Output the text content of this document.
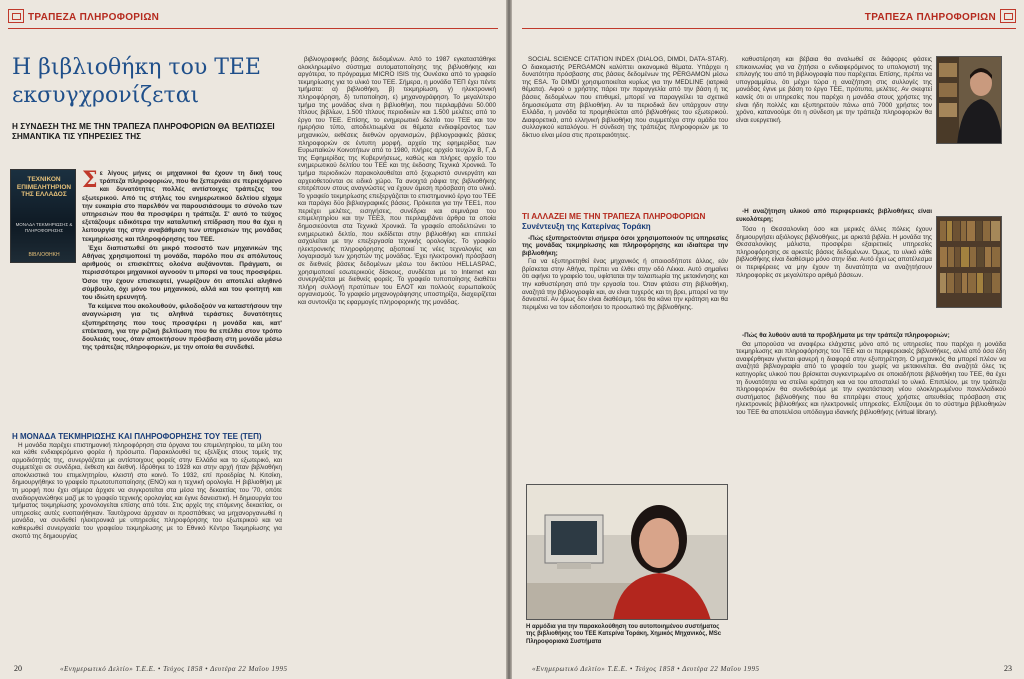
ΤΡΑΠΕΖΑ ΠΛΗΡΟΦΟΡΙΩΝ
Η βιβλιοθήκη του ΤΕΕ εκσυγχρονίζεται
Η ΣΥΝΔΕΣΗ ΤΗΣ ΜΕ ΤΗΝ ΤΡΑΠΕΖΑ ΠΛΗΡΟΦΟΡΙΩΝ ΘΑ ΒΕΛΤΙΩΣΕΙ ΣΗΜΑΝΤΙΚΑ ΤΙΣ ΥΠΗΡΕΣΙΕΣ ΤΗΣ
ΤΕΧΝΙΚΟΝ ΕΠΙΜΕΛΗΤΗΡΙΟΝ ΤΗΣ ΕΛΛΑΔΟΣ
ΜΟΝΑΔΑ ΤΕΚΜΗΡΙΩΣΗΣ & ΠΛΗΡΟΦΟΡΗΣΗΣ
ΒΙΒΛΙΟΘΗΚΗ
Σε λίγους μήνες οι μηχανικοί θα έχουν τη δική τους τράπεζα πληροφοριών, που θα ξεπερνάει σε περιεχόμενο και δυνατότητες πολλές αντίστοιχες τράπεζες του εξωτερικού. Από τις στήλες του ενημερωτικού δελτίου είχαμε την ευκαιρία στο παρελθόν να παρουσιάσουμε το σύνολο των υπηρεσιών που θα προσφέρει η τράπεζα. Σ' αυτό το τεύχος εξετάζουμε ειδικότερα την καταλυτική επίδραση που θα έχει η λειτουργία της στην αναβάθμιση των υπηρεσιών της μονάδας τεκμηρίωσης και πληροφόρησης του ΤΕΕ.
Έχει διαπιστωθεί ότι μικρό ποσοστό των μηχανικών της Αθήνας χρησιμοποιεί τη μονάδα, παρόλο που σε απόλυτους αριθμούς οι επισκέπτες ολοένα αυξάνονται. Πράγματι, οι περισσότεροι μηχανικοί αγνοούν τι μπορεί να τους προσφέρει. Όσοι την έχουν επισκεφτεί, γνωρίζουν ότι αποτελεί αληθινό σύμβουλο, όχι μόνο του μηχανικού, αλλά και του φοιτητή και του ιδιώτη ερευνητή.
Τα κείμενα που ακολουθούν, φιλοδοξούν να καταστήσουν την αναγνώριση για τις αληθινά τεράστιες δυνατότητες εξυπηρέτησης που τους προσφέρει η μονάδα και, κατ' επέκταση, για την ριζική βελτίωση που θα επέλθει στον τρόπο δουλειάς τους, όταν αποκτήσουν πρόσβαση στη μονάδα μέσω της τράπεζας πληροφοριών, με την οποία θα συνδεθεί.
Η ΜΟΝΑΔΑ ΤΕΚΜΗΡΙΩΣΗΣ ΚΑΙ ΠΛΗΡΟΦΟΡΗΣΗΣ ΤΟΥ ΤΕΕ (ΤΕΠ)

Η μονάδα παρέχει επιστημονική πληροφόρηση στα όργανα του επιμελητηρίου, τα μέλη του και κάθε ενδιαφερόμενο φορέα ή πρόσωπο. Παρακολουθεί τις εξελίξεις στους τομείς της αρμοδιότητάς της, συνεργάζεται με αντίστοιχους φορείς στην Ελλάδα και το εξωτερικό, και συμμετέχει σε συνέδρια, έκθεση και διεθνή. Ιδρύθηκε το 1928 και στην αρχή ήταν βιβλιοθήκη αποκλειστικά του επιμελητηρίου, κλειστή στο κοινό. Το 1932, επί προεδρίας Ν. Κιτσίκη, δημιουργήθηκε το γραφείο πρωτοτυποποίησης (ΕΝΟ) και η τεχνική ορολογία. Η βιβλιοθήκη με τη μορφή που έχει σήμερα άρχισε να συγκροτείται στα μέσα της δεκαετίας του '70, οπότε αναδιοργανώθηκε μαζί με το γραφείο τεχνικής ορολογίας και έγινε δανειστική. Η δημιουργία του τμήματος τεκμηρίωσης χρονολογείται επίσης από τότε. Στις αρχές της επόμενης δεκαετίας, οι υπηρεσίες αυτές ενοποιήθηκαν. Ταυτόχρονα άρχισαν οι προσπάθειες να μηχανοργανωθεί η μονάδα, να συνδεθεί ηλεκτρονικά με υπηρεσίες πληροφόρησης του εξωτερικού και να καθιερωθεί συνεργασία του γραφείου τεκμηρίωσης με το Εθνικό Κέντρο Τεκμηρίωσης για σκοπό της δημιουργίας

βιβλιογραφικής βάσης δεδομένων. Από το 1987 εγκαταστάθηκε ολοκληρωμένο σύστημα αυτοματοποίησης της βιβλιοθήκης και αργότερα, το πρόγραμμα MICRO ISIS της Ουνέσκο από το γραφείο τεκμηρίωσης για το υλικό του ΤΕΕ. Σήμερα, η μονάδα ΤΕΠ έχει πέντε τμήματα: α) βιβλιοθήκη, β) τεκμηρίωση, γ) ηλεκτρονική πληροφόρηση, δ) τυποποίηση, ε) μηχανογράφηση. Το μεγαλύτερο τμήμα της μονάδας είναι η βιβλιοθήκη, που περιλαμβάνει 50.000 τίτλους βιβλίων, 1.500 τίτλους περιοδικών και 1.500 μελέτες από το έργο του ΤΕΕ. Επίσης, το ενημερωτικό δελτίο του ΤΕΕ και τον ημερήσιο τύπο, αποδελτιωμένα σε θέματα ενδιαφέροντος των μηχανικών, εκθέσεις διεθνών οργανισμών, βιβλιογραφικές βάσεις πληροφοριών σε έντυπη μορφή, αρχείο της εφημερίδας των Ευρωπαϊκών Κοινοτήτων από το 1980, πλήρες αρχείο τευχών Β, Γ, Δ της Εφημερίδας της Κυβερνήσεως, καθώς και πλήρες αρχείο του ενημερωτικού δελτίου του ΤΕΕ και της έκδοσης Τεχνικά Χρονικά. Το τμήμα περιοδικών παρακολουθείται από ξεχωριστό συνεργάτη και αρχειοθετούνται σε ειδικό χώρο. Τα ανοιχτά ράφια της βιβλιοθήκης επιτρέπουν στους αναγνώστες να έχουν άμεση πρόσβαση στο υλικό. Το γραφείο τεκμηρίωσης επεξεργάζεται το επιστημονικό έργο του ΤΕΕ και παράγει δύο βιβλιογραφικές βάσεις. Πρόκειται για την ΤΕΕ1, που περιέχει μελέτες, εισηγήσεις, συνέδρια και σεμινάρια του επιμελητηρίου και την ΤΕΕ3, που περιλαμβάνει άρθρα τα οποία δημοσιεύονται στα Τεχνικά Χρονικά. Τα γραφείο αποδελτιώνει το ενημερωτικό δελτίο, που εκδίδεται στην βιβλιοθήκη και επιτελεί ασχολείται με την επεξεργασία τεχνικής ορολογίας. Το γραφείο ηλεκτρονικής πληροφόρησης αξιοποιεί τις νέες τεχνολογίες και λογαριασμό των χρηστών της μονάδας. Έχει ηλεκτρονική πρόσβαση σε διεθνείς βάσεις δεδομένων μέσω του δικτύου HELLASPAC, χρησιμοποιεί εσωτερικούς δίσκους, συνδέεται με το Internet και συνεργάζεται με διεθνείς φορείς. Το γραφείο τυποποίησης διαθέτει πλήρη συλλογή προτύπων του ΕΛΟΤ και πολλούς ευρωπαϊκούς οργανισμούς. Το γραφείο μηχανογράφησης υποστηρίζει, διαχειρίζεται και συντονίζει τις εφαρμογές πληροφορικής της μονάδας.

20	«Ενημερωτικό Δελτίο» Τ.Ε.Ε. • Τεύχος 1858 • Δευτέρα 22 Μαΐου 1995
ΤΡΑΠΕΖΑ ΠΛΗΡΟΦΟΡΙΩΝ

SOCIAL SCIENCE CITATION INDEX (DIALOG, DIMDI, DATA-STAR). Ο διακομιστής PERGAMON καλύπτει οικονομικά θέματα. Υπάρχει η δυνατότητα πρόσβασης στις βάσεις δεδομένων της PERGAMON μέσω της ESA. Το DIMDI χρησιμοποιείται κυρίως για την MEDLINE (ιατρικά θέματα). Αφού ο χρήστης πάρει την παραγγελία από την βάση ή τις βάσεις δεδομένων που επιθυμεί, μπορεί να παραγγείλει τα σχετικά δημοσιεύματα στη βιβλιοθήκη. Αν τα περιοδικά δεν υπάρχουν στην Ελλάδα, η μονάδα τα προμηθεύεται από βιβλιοθήκες του εξωτερικού. Διαφορετικά, από ελληνική βιβλιοθήκη που συμμετέχει στην ομάδα του συλλογικού καταλόγου. Η σύνδεση της τράπεζας πληροφοριών με το δίκτυο είναι μέσα στις προτεραιότητες.

ΤΙ ΑΛΛΑΖΕΙ ΜΕ ΤΗΝ ΤΡΑΠΕΖΑ ΠΛΗΡΟΦΟΡΙΩΝ
Συνέντευξη της Κατερίνας Τοράκη

-Πώς εξυπηρετούνται σήμερα όσοι χρησιμοποιούν τις υπηρεσίες της μονάδας τεκμηρίωσης και πληροφόρησης και ιδιαίτερα την βιβλιοθήκη;

Για να εξυπηρετηθεί ένας μηχανικός ή οποιοσδήποτε άλλος, εάν βρίσκεται στην Αθήνα, πρέπει να έλθει στην οδό Λέκκα. Αυτό σημαίνει ότι αφήνει το γραφείο του, υφίσταται την ταλαιπωρία της μετακίνησης και την καθυστέρηση από την εργασία του. Όταν φτάσει στη βιβλιοθήκη, αναζητά την βιβλιογραφία και, αν είναι τυχερός και τη βρει, μπορεί να την δανειστεί. Αν όμως δεν είναι διαθέσιμη, τότε θα κάνει την κράτηση και θα περιμένει να τον ειδοποιήσει το προσωπικό της βιβλιοθήκης.

Η αρμόδια για την παρακολούθηση του αυτοποιημένου συστήματος της βιβλιοθήκης του ΤΕΕ Κατερίνα Τοράκη, Χημικός Μηχανικός, MSc Πληροφοριακά Συστήματα

καθυστέρηση και βέβαια θα αναλωθεί σε διάφορες φάσεις επικοινωνίας για να ζητήσει ο ενδιαφερόμενος το υπολογιστή της επιλογής του από τη βιβλιογραφία που παρέχεται. Επίσης, πρέπει να υπογραμμίσω, ότι μέχρι τώρα η αναζήτηση στις συλλογές της μονάδας έγινε με βάση το έργο ΤΕΕ, πρότυπα, μελέτες. Αν σκεφτεί κανείς ότι οι υπηρεσίες που παρέχει η μονάδα στους χρήστες της είναι ήδη πολλές και εξυπηρετούν πάνω από 7000 χρήστες τον χρόνο, κατανοούμε ότι η σύνδεση με την τράπεζα πληροφοριών θα είναι ευεργετική.

-Η αναζήτηση υλικού από περιφερειακές βιβλιοθήκες είναι ευκολότερη;

Τόσο η Θεσσαλονίκη όσο και μερικές άλλες πόλεις έχουν δημιουργήσει αξιόλογες βιβλιοθήκες, με αρκετά βιβλία. Η μονάδα της Θεσσαλονίκης μάλιστα, προσφέρει εξαιρετικές υπηρεσίες πληροφόρησης σε αρκετές βάσεις δεδομένων. Όμως, το υλικό κάθε βιβλιοθήκης είναι διαθέσιμο μόνο στην ίδια. Αυτό έχει ως αποτέλεσμα οι περιφέρειες να μην έχουν τη δυνατότητα να αναζητήσουν πληροφορίες σε μεγαλύτερο αριθμό βάσεων.

-Πώς θα λυθούν αυτά τα προβλήματα με την τράπεζα πληροφοριών;

Θα μπορούσα να αναφέρω ελάχιστες μόνο από τις υπηρεσίες που παρέχει η μονάδα τεκμηρίωσης και πληροφόρησης του ΤΕΕ και οι περιφερειακές βιβλιοθήκες, αλλά από όσα έδη αναφέρθηκαν γίνεται φανερή η διαφορά στην εξυπηρέτηση. Ο μηχανικός θα μπορεί πλέον να αναζητά βιβλιογραφία από το γραφείο του χωρίς να μετακινείται. Θα αναζητά όλες τις κατηγορίες υλικού που βρίσκεται συγκεντρωμένο σε οποιαδήποτε βιβλιοθήκη του ΤΕΕ, θα έχει τη δυνατότητα να στείλει κράτηση και να του αποσταλεί το υλικό. Επιπλέον, με την τράπεζα πληροφοριών θα συνδεθούμε με την εγκατάσταση νέου ολοκληρωμένου πανελλαδικού συστήματος βιβλιοθήκης που θα επιτρέψει στους χρήστες απευθείας πρόσβαση στις ηλεκτρονικές βιβλιοθήκες και ηλεκτρονικές υπηρεσίες. Ελπίζουμε ότι το σύστημα βιβλιοθηκών του ΤΕΕ θα αποτελέσει υπόδειγμα ιδανικής βιβλιοθήκης (virtual library).

«Ενημερωτικό Δελτίο» Τ.Ε.Ε. • Τεύχος 1858 • Δευτέρα 22 Μαΐου 1995	23
